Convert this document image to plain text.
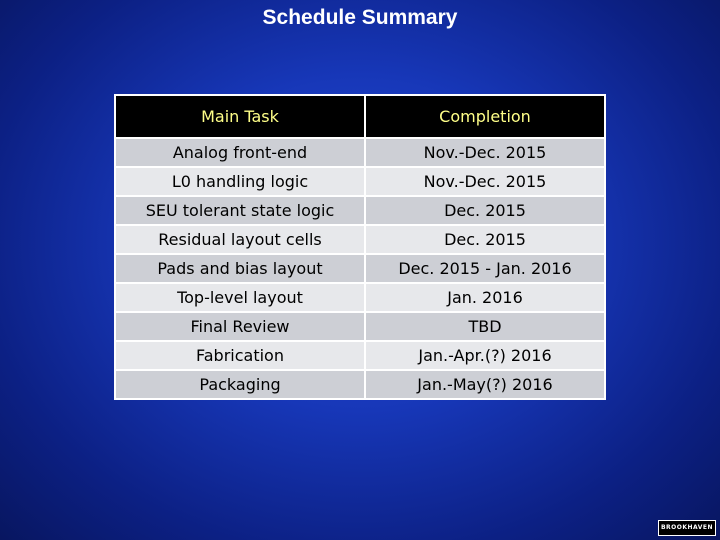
Schedule Summary
Main Task	Completion
Analog front-end	Nov.-Dec. 2015
L0 handling logic	Nov.-Dec. 2015
SEU tolerant state logic	Dec. 2015
Residual layout cells	Dec. 2015
Pads and bias layout	Dec. 2015 - Jan. 2016
Top-level layout	Jan. 2016
Final Review	TBD
Fabrication	Jan.-Apr.(?) 2016
Packaging	Jan.-May(?) 2016
BROOKHAVEN
